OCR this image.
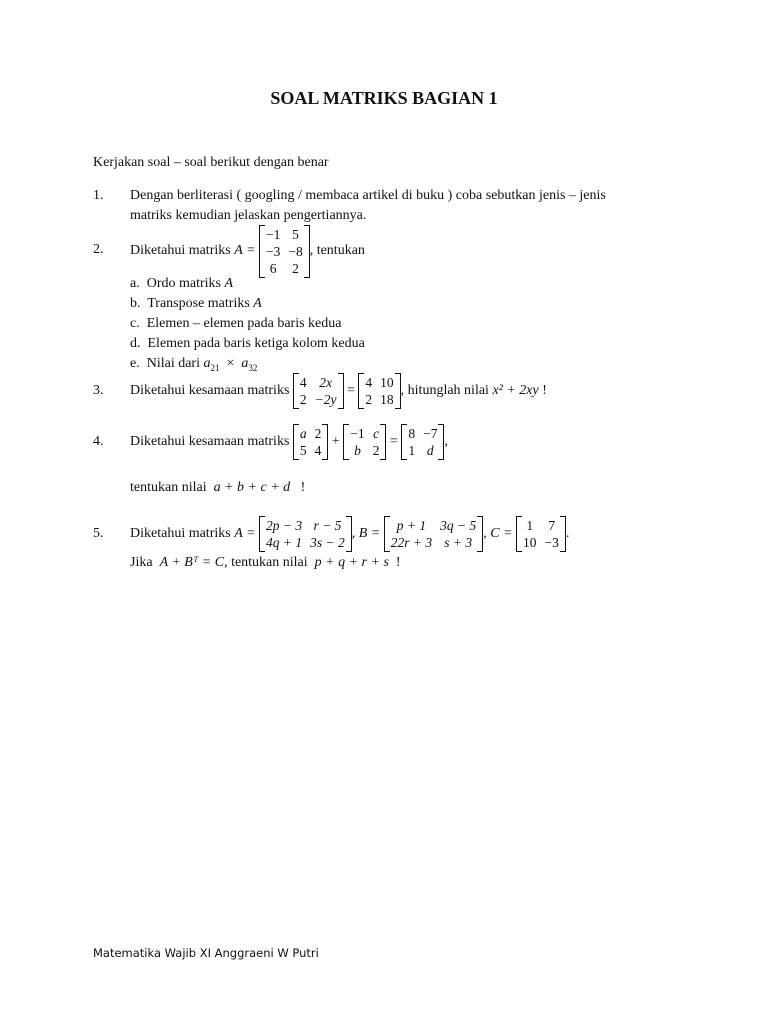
SOAL MATRIKS BAGIAN 1
Kerjakan soal – soal berikut dengan benar
1. Dengan berliterasi ( googling / membaca artikel di buku ) coba sebutkan jenis – jenis
matriks kemudian jelaskan pengertiannya.
2. Diketahui matriks
A =

−1 5
−3 −8
6 2
, tentukan
a. Ordo matriks A
b. Transpose matriks A
c. Elemen – elemen pada baris kedua
d. Elemen pada baris ketiga kolom kedua
e. Nilai dari $a_{21} \times a_{32}$
3. Diketahui kesamaan matriks

4 2x
2 −2y

=

4 10
2 18
, hitunglah nilai
x² + 2xy
!
4. Diketahui kesamaan matriks

a 2
5 4

+

−1 c
b 2

=

8 −7
1 d
,
tentukan nilai a + b + c + d !
5. Diketahui matriks
A =

2p − 3 r − 5
4q + 1 3s − 2
, B =

p + 1	3q − 5
22r + 3 s + 3
, C =

1 7
10 −3
.
Jika A + Bᵀ = C, tentukan nilai p + q + r + s !
Matematika Wajib XI Anggraeni W Putri
